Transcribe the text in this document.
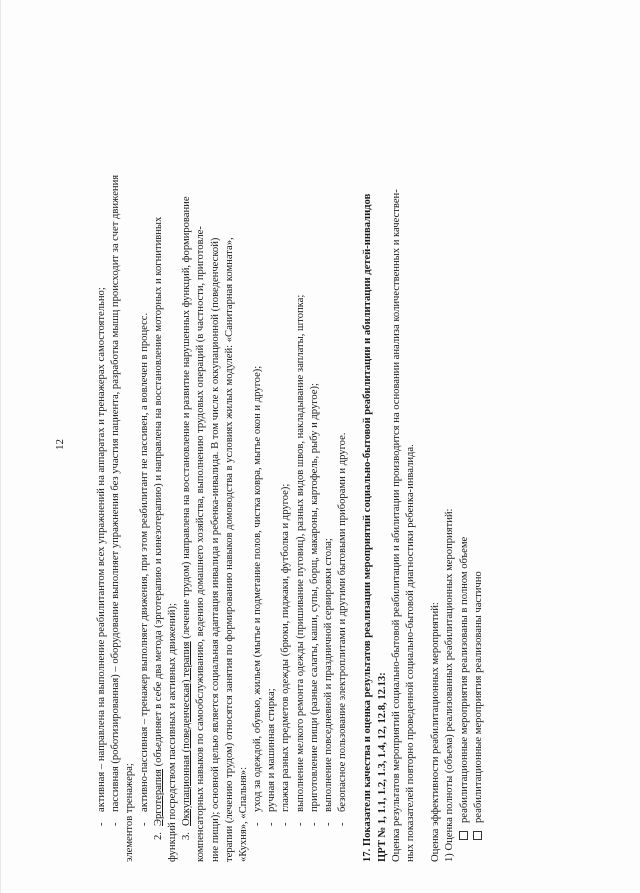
12
-активная – направлена на выполнение реабилитантом всех упражнений на аппаратах и тренажерах самостоятельно;
-пассивная (роботизированная) – оборудование выполняет упражнения без участия пациента, разработка мышц происходит за счет движения
элементов тренажера; -активно-пассивная – тренажер выполняет движения, при этом реабилитант не пассивен, а вовлечен в процесс.
2.Эрготерапия (объединяет в себе два метода (эрготерапию и кинезотерапию) и направлена на восстановление моторных и когнитивных функций посредством пассивных и активных движений); 3.Оккупационная (поведенческая) терапия (лечение трудом) направлена на восстановление и развитие нарушенных функций, формирование компенсаторных навыков по самообслуживанию, ведению домашнего хозяйства, выполнению трудовых операций (в частности, приготовле- ние пищи); основной целью является социальная адаптация инвалида и ребенка-инвалида. В том числе к оккупационной (поведенческой) терапии (лечению трудом) относятся занятия по формированию навыков домоводства в условиях жилых модулей: «Санитарная комната», «Кухня», «Спальня»: -уход за одеждой, обувью, жильем (мытье и подметание полов, чистка ковра, мытье окон и другое);
-ручная и машинная стирка;
-глажка разных предметов одежды (брюки, пиджаки, футболка и другое);
-выполнение мелкого ремонта одежды (пришивание пуговиц), разных видов швов, накладывание заплаты, штопка;
-приготовление пищи (разные салаты, каши, супы, борщ, макароны, картофель, рыбу и другое);
-выполнение повседневной и праздничной сервировки стола;
-безопасное пользование электроплитами и другими бытовыми приборами и другое. 17. Показатели качества и оценка результатов реализации мероприятий социально-бытовой реабилитации и абилитации детей-инвалидов ЦРТ № 1, 1.1, 1.2, 1.3, 1.4, 12, 12.8, 12.13: Оценка результатов мероприятий социально-бытовой реабилитации и абилитации производится на основании анализа количественных и качествен- ных показателей повторно проведенной социально-бытовой диагностики ребенка-инвалида. Оценка эффективности реабилитационных мероприятий: 1) Оценка полноты (объема) реализованных реабилитационных мероприятий: реабилитационные мероприятия реализованы в полном объеме реабилитационные мероприятия реализованы частично
